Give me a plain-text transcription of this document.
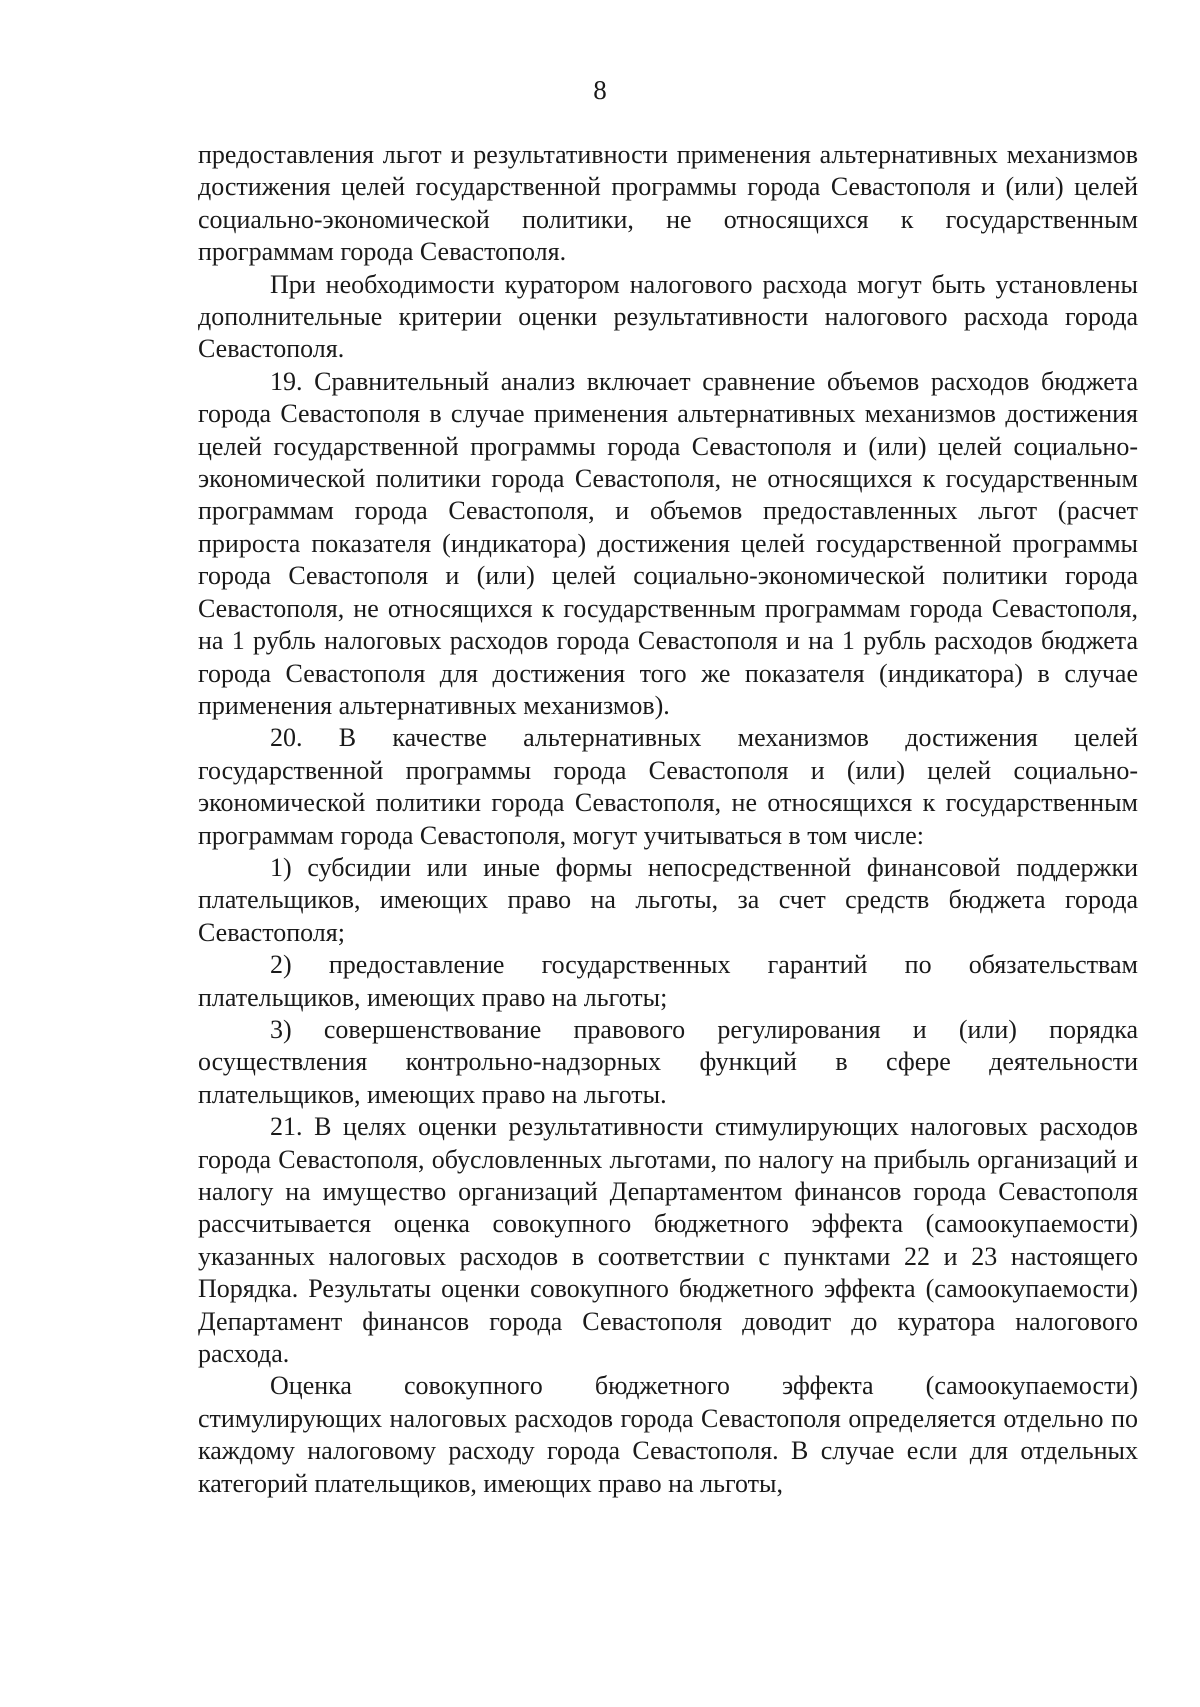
8

предоставления льгот и результативности применения альтернативных механизмов достижения целей государственной программы города Севастополя и (или) целей социально-экономической политики, не относящихся к государственным программам города Севастополя.

При необходимости куратором налогового расхода могут быть установлены дополнительные критерии оценки результативности налогового расхода города Севастополя.

19. Сравнительный анализ включает сравнение объемов расходов бюджета города Севастополя в случае применения альтернативных механизмов достижения целей государственной программы города Севастополя и (или) целей социально-экономической политики города Севастополя, не относящихся к государственным программам города Севастополя, и объемов предоставленных льгот (расчет прироста показателя (индикатора) достижения целей государственной программы города Севастополя и (или) целей социально-экономической политики города Севастополя, не относящихся к государственным программам города Севастополя, на 1 рубль налоговых расходов города Севастополя и на 1 рубль расходов бюджета города Севастополя для достижения того же показателя (индикатора) в случае применения альтернативных механизмов).

20. В качестве альтернативных механизмов достижения целей государственной программы города Севастополя и (или) целей социально-экономической политики города Севастополя, не относящихся к государственным программам города Севастополя, могут учитываться в том числе:

1) субсидии или иные формы непосредственной финансовой поддержки плательщиков, имеющих право на льготы, за счет средств бюджета города Севастополя;

2) предоставление государственных гарантий по обязательствам плательщиков, имеющих право на льготы;

3) совершенствование правового регулирования и (или) порядка осуществления контрольно-надзорных функций в сфере деятельности плательщиков, имеющих право на льготы.

21. В целях оценки результативности стимулирующих налоговых расходов города Севастополя, обусловленных льготами, по налогу на прибыль организаций и налогу на имущество организаций Департаментом финансов города Севастополя рассчитывается оценка совокупного бюджетного эффекта (самоокупаемости) указанных налоговых расходов в соответствии с пунктами 22 и 23 настоящего Порядка. Результаты оценки совокупного бюджетного эффекта (самоокупаемости) Департамент финансов города Севастополя доводит до куратора налогового расхода.

Оценка совокупного бюджетного эффекта (самоокупаемости) стимулирующих налоговых расходов города Севастополя определяется отдельно по каждому налоговому расходу города Севастополя. В случае если для отдельных категорий плательщиков, имеющих право на льготы,
